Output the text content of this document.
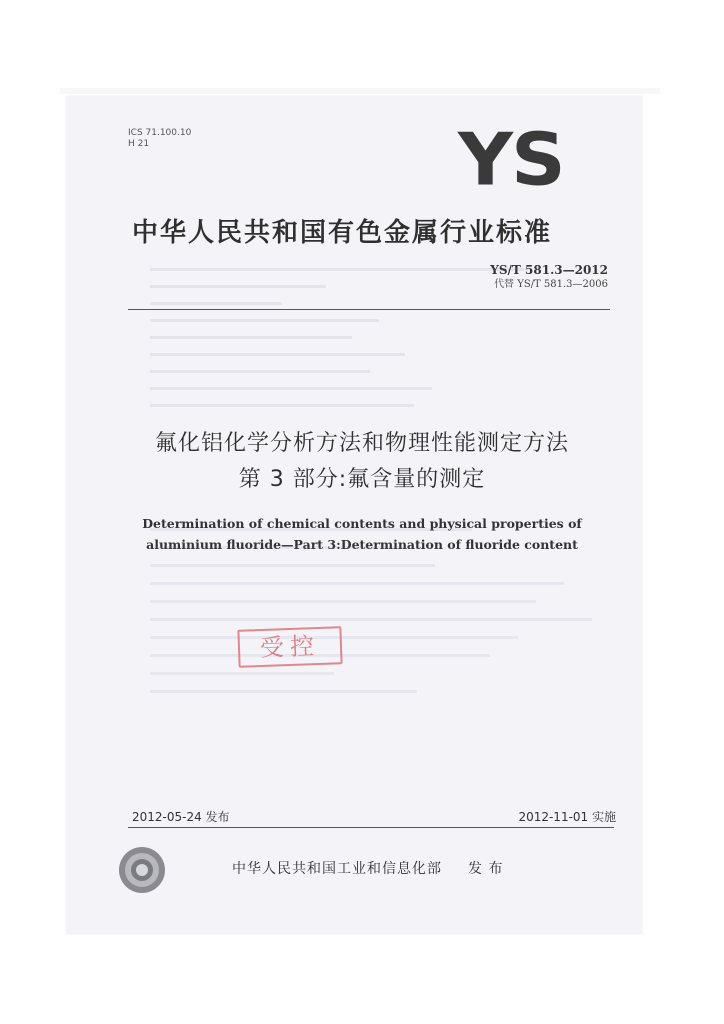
ICS 71.100.10
H 21	YS
中华人民共和国有色金属行业标准
YS/T 581.3—2012
代替 YS/T 581.3—2006
氟化铝化学分析方法和物理性能测定方法
第 3 部分:氟含量的测定
Determination of chemical contents and physical properties of
aluminium fluoride—Part 3:Determination of fluoride content
受控
2012-05-24 发布	2012-11-01 实施
中华人民共和国工业和信息化部 发 布
